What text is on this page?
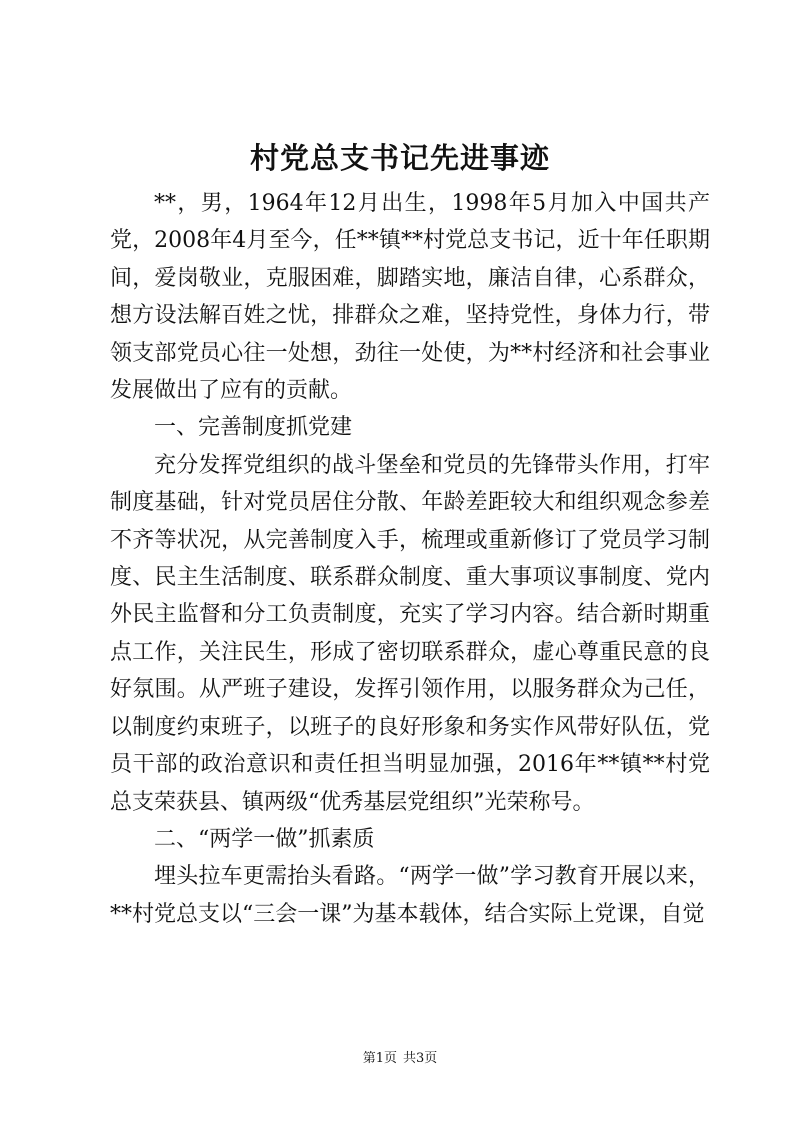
村党总支书记先进事迹

**，男，1964年12月出生，1998年5月加入中国共产党，2008年4月至今，任**镇**村党总支书记，近十年任职期间，爱岗敬业，克服困难，脚踏实地，廉洁自律，心系群众，想方设法解百姓之忧，排群众之难，坚持党性，身体力行，带领支部党员心往一处想，劲往一处使，为**村经济和社会事业发展做出了应有的贡献。

一、完善制度抓党建

充分发挥党组织的战斗堡垒和党员的先锋带头作用，打牢制度基础，针对党员居住分散、年龄差距较大和组织观念参差不齐等状况，从完善制度入手，梳理或重新修订了党员学习制度、民主生活制度、联系群众制度、重大事项议事制度、党内外民主监督和分工负责制度，充实了学习内容。结合新时期重点工作，关注民生，形成了密切联系群众，虚心尊重民意的良好氛围。从严班子建设，发挥引领作用，以服务群众为己任，以制度约束班子，以班子的良好形象和务实作风带好队伍，党员干部的政治意识和责任担当明显加强，2016年**镇**村党总支荣获县、镇两级“优秀基层党组织”光荣称号。

二、“两学一做”抓素质

埋头拉车更需抬头看路。“两学一做”学习教育开展以来，**村党总支以“三会一课”为基本载体，结合实际上党课，自觉

第1页 共3页
